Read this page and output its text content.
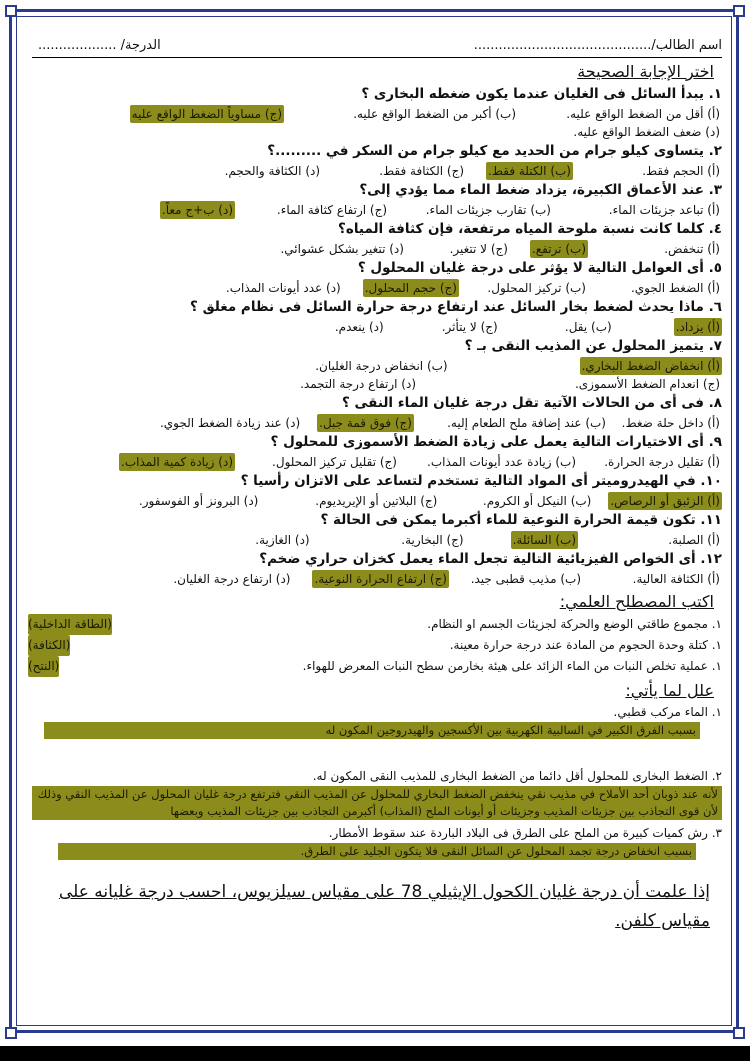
اسم الطالب/...........................................
الدرجة/ ...................
اختر الإجابة الصحيحة
١. يبدأ السائل فى الغليان عندما يكون ضغطه البخارى ؟
(أ) أقل من الضغط الواقع عليه.
(ب) أكبر من الضغط الواقع عليه.
(ج) مساوياً الضغط الواقع عليه
(د) ضعف الضغط الواقع عليه.
٢. يتساوى كيلو جرام من الحديد مع كيلو جرام من السكر في .........؟
(أ) الحجم فقط.
(ب) الكتلة فقط.
(ج) الكثافة فقط.
(د) الكثافة والحجم.
٣. عند الأعماق الكبيرة، يزداد ضغط الماء مما يؤدي إلى؟
(أ) تباعد جزيئات الماء.
(ب) تقارب جزيئات الماء.
(ج) ارتفاع كثافة الماء.
(د) ب+ج معاً.
٤. كلما كانت نسبة ملوحة المياه مرتفعة، فإن كثافة المياه؟
(أ) تنخفض.
(ب) ترتفع.
(ج) لا تتغير.
(د) تتغير بشكل عشوائي.
٥. أى العوامل التالية لا يؤثر على درجة غليان المحلول ؟
(أ) الضغط الجوي.
(ب) تركيز المحلول.
(ج) حجم المحلول.
(د) عدد أيونات المذاب.
٦. ماذا يحدث لضغط بخار السائل عند ارتفاع درجة حرارة السائل فى نظام مغلق ؟
(أ) يزداد.
(ب) يقل.
(ج) لا يتأثر.
(د) ينعدم.
٧. يتميز المحلول عن المذيب النقى بـ ؟
(أ) انخفاض الضغط البخاري.
(ب) انخفاض درجة الغليان.
(ج) انعدام الضغط الأسموزى.
(د) ارتفاع درجة التجمد.
٨. فى أى من الحالات الآتية تقل درجة غليان الماء النقى ؟
(أ) داخل حلة ضغط.
(ب) عند إضافة ملح الطعام إليه.
(ج) فوق قمة جبل.
(د) عند زيادة الضغط الجوي.
٩. أى الاختيارات التالية يعمل على زيادة الضغط الأسموزى للمحلول ؟
(أ) تقليل درجة الحرارة.
(ب) زيادة عدد أيونات المذاب.
(ج) تقليل تركيز المحلول.
(د) زيادة كمية المذاب.
١٠. في الهيدروميتر أى المواد التالية تستخدم لتساعد على الاتزان رأسيا ؟
(أ) الزئبق أو الرصاص.
(ب) النيكل أو الكروم.
(ج) البلاتين أو الإيريديوم.
(د) البرونز أو الفوسفور.
١١. تكون قيمة الحرارة النوعية للماء أكبرما يمكن فى الحالة ؟
(أ) الصلبة.
(ب) السائلة.
(ج) البخارية.
(د) الغازية.
١٢. أى الخواص الفيزيائية التالية تجعل الماء يعمل كخزان حراري ضخم؟
(أ) الكثافة العالية.
(ب) مذيب قطبى جيد.
(ج) ارتفاع الحرارة النوعية.
(د) ارتفاع درجة الغليان.
اكتب المصطلح العلمي:
١. مجموع طاقتي الوضع والحركة لجزيئات الجسم او النظام.
(الطاقة الداخلية)
١. كتلة وحدة الحجوم من المادة عند درجة حرارة معينة.
(الكثافة)
١. عملية تخلص النبات من الماء الزائد على هيئة بخارمن سطح النبات المعرض للهواء.
(النتح)
علل لما يأتي:
١. الماء مركب قطبي.
بسبب الفرق الكبير في السالبية الكهربية بين الأكسجين والهيدروجين المكون له
٢. الضغط البخارى للمحلول أقل دائما من الضغط البخارى للمذيب النقى المكون له.
لأنه عند ذوبان أحد الأملاح في مذيب نقي ينخفض الضغط البخاري للمحلول عن المذيب النقي فترتفع درجة غليان المحلول عن المذيب النقي وذلك لأن قوى التجاذب بين جزيئات المذيب وجزيئات أو أيونات الملح (المذاب) أكبرمن التجاذب بين جزيئات المذيب وبعضها
٣. رش كميات كبيرة من الملح على الطرق فى البلاد الباردة عند سقوط الأمطار.
بسبب انخفاض درجة تجمد المحلول عن السائل النقى فلا يتكون الجليد على الطرق.
إذا علمت أن درجة غليان الكحول الإيثيلي 78 على مقياس سيلزيوس، احسب درجة غليانه على مقياس كلفن.
